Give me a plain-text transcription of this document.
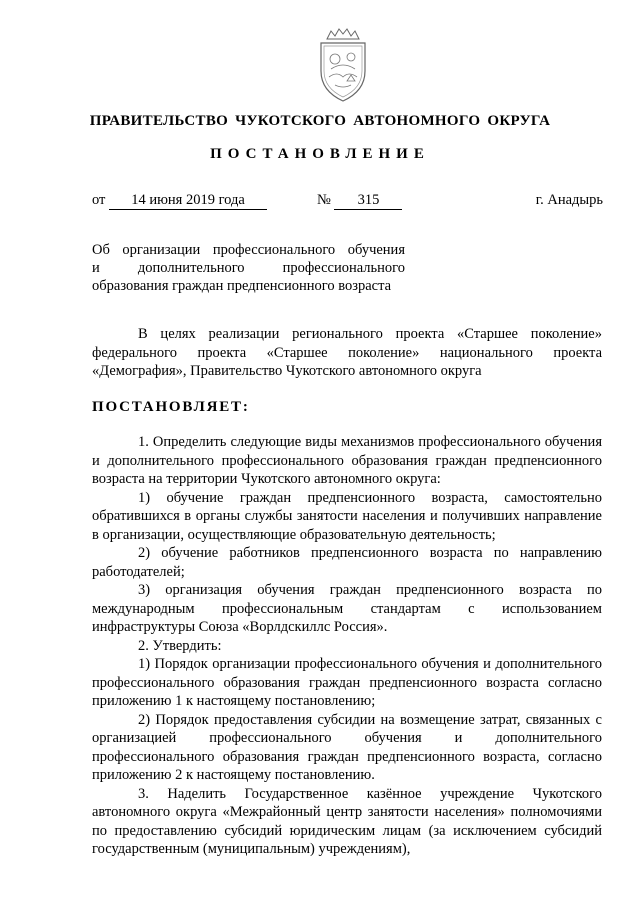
ПРАВИТЕЛЬСТВО ЧУКОТСКОГО АВТОНОМНОГО ОКРУГА
ПОСТАНОВЛЕНИЕ
от 14 июня 2019 года	№ 315	г. Анадырь
Об организации профессионального обучения
и дополнительного профессионального
образования граждан предпенсионного возраста

В целях реализации регионального проекта «Старшее поколение» федерального проекта «Старшее поколение» национального проекта «Демография», Правительство Чукотского автономного округа

ПОСТАНОВЛЯЕТ:

1. Определить следующие виды механизмов профессионального обучения и дополнительного профессионального образования граждан предпенсионного возраста на территории Чукотского автономного округа:

1) обучение граждан предпенсионного возраста, самостоятельно обратившихся в органы службы занятости населения и получивших направление в организации, осуществляющие образовательную деятельность;

2) обучение работников предпенсионного возраста по направлению работодателей;

3) организация обучения граждан предпенсионного возраста по международным профессиональным стандартам с использованием инфраструктуры Союза «Ворлдскиллс Россия».

2. Утвердить:

1) Порядок организации профессионального обучения и дополнительного профессионального образования граждан предпенсионного возраста согласно приложению 1 к настоящему постановлению;

2) Порядок предоставления субсидии на возмещение затрат, связанных с организацией профессионального обучения и дополнительного профессионального образования граждан предпенсионного возраста, согласно приложению 2 к настоящему постановлению.

3. Наделить Государственное казённое учреждение Чукотского автономного округа «Межрайонный центр занятости населения» полномочиями по предоставлению субсидий юридическим лицам (за исключением субсидий государственным (муниципальным) учреждениям),
